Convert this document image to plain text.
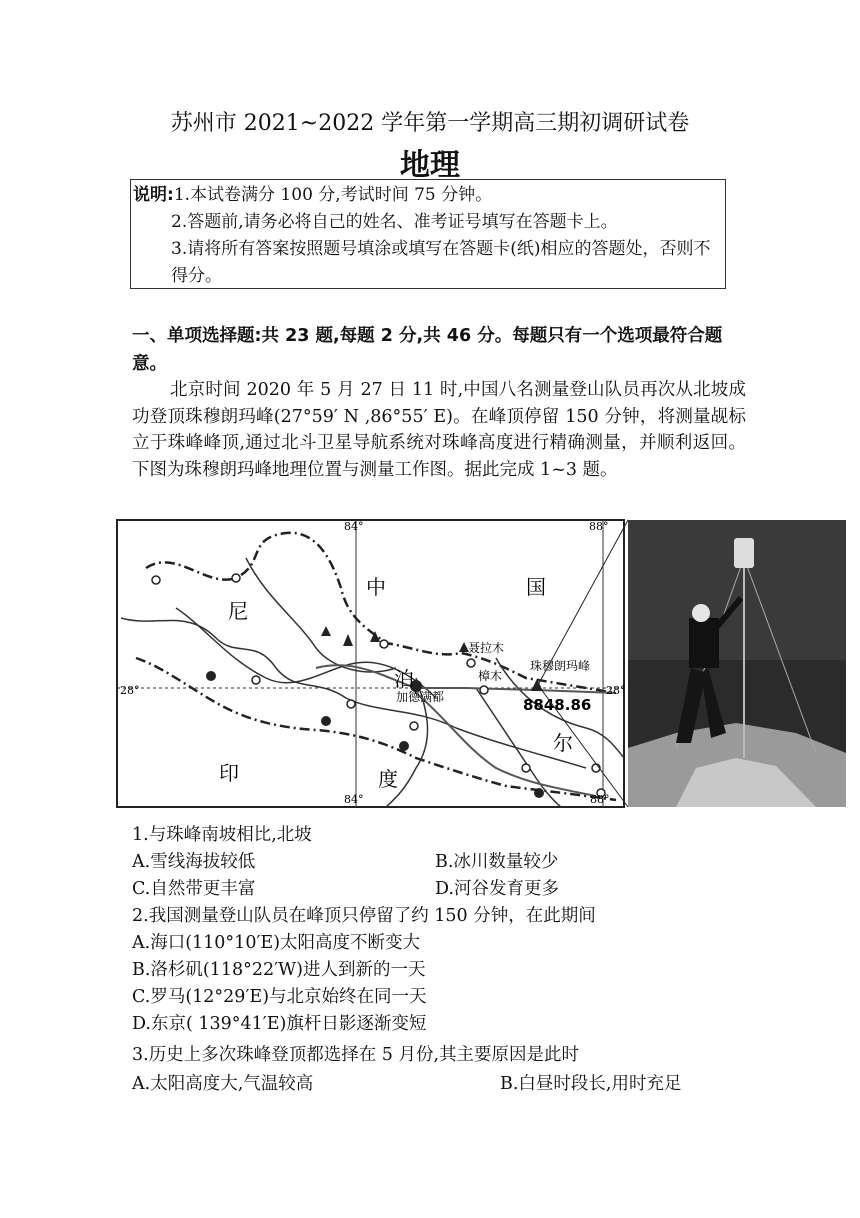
苏州市 2021~2022 学年第一学期高三期初调研试卷
地理

说明:1.本试卷满分 100 分,考试时间 75 分钟。

2.答题前,请务必将自己的姓名、准考证号填写在答题卡上。

3.请将所有答案按照题号填涂或填写在答题卡(纸)相应的答题处，否则不得分。

一、单项选择题:共 23 题,每题 2 分,共 46 分。每题只有一个选项最符合题意。

北京时间 2020 年 5 月 27 日 11 时,中国八名测量登山队员再次从北坡成功登顶珠穆朗玛峰(27°59′ N ,86°55′ E)。在峰顶停留 150 分钟，将测量觇标立于珠峰峰顶,通过北斗卫星导航系统对珠峰高度进行精确测量，并顺利返回。下图为珠穆朗玛峰地理位置与测量工作图。据此完成 1~3 题。

84°	88°
84°	88°
28°	28°
中	国
尼
泊
尔
印	度
聂拉木
樟木
加德满都
珠穆朗玛峰
8848.86
1.与珠峰南坡相比,北坡
A.雪线海拔较低	B.冰川数量较少
C.自然带更丰富	D.河谷发育更多
2.我国测量登山队员在峰顶只停留了约 150 分钟，在此期间
A.海口(110°10′E)太阳高度不断变大
B.洛杉矶(118°22′W)进人到新的一天
C.罗马(12°29′E)与北京始终在同一天
D.东京( 139°41′E)旗杆日影逐渐变短
3.历史上多次珠峰登顶都选择在 5 月份,其主要原因是此时
A.太阳高度大,气温较高	B.白昼时段长,用时充足
